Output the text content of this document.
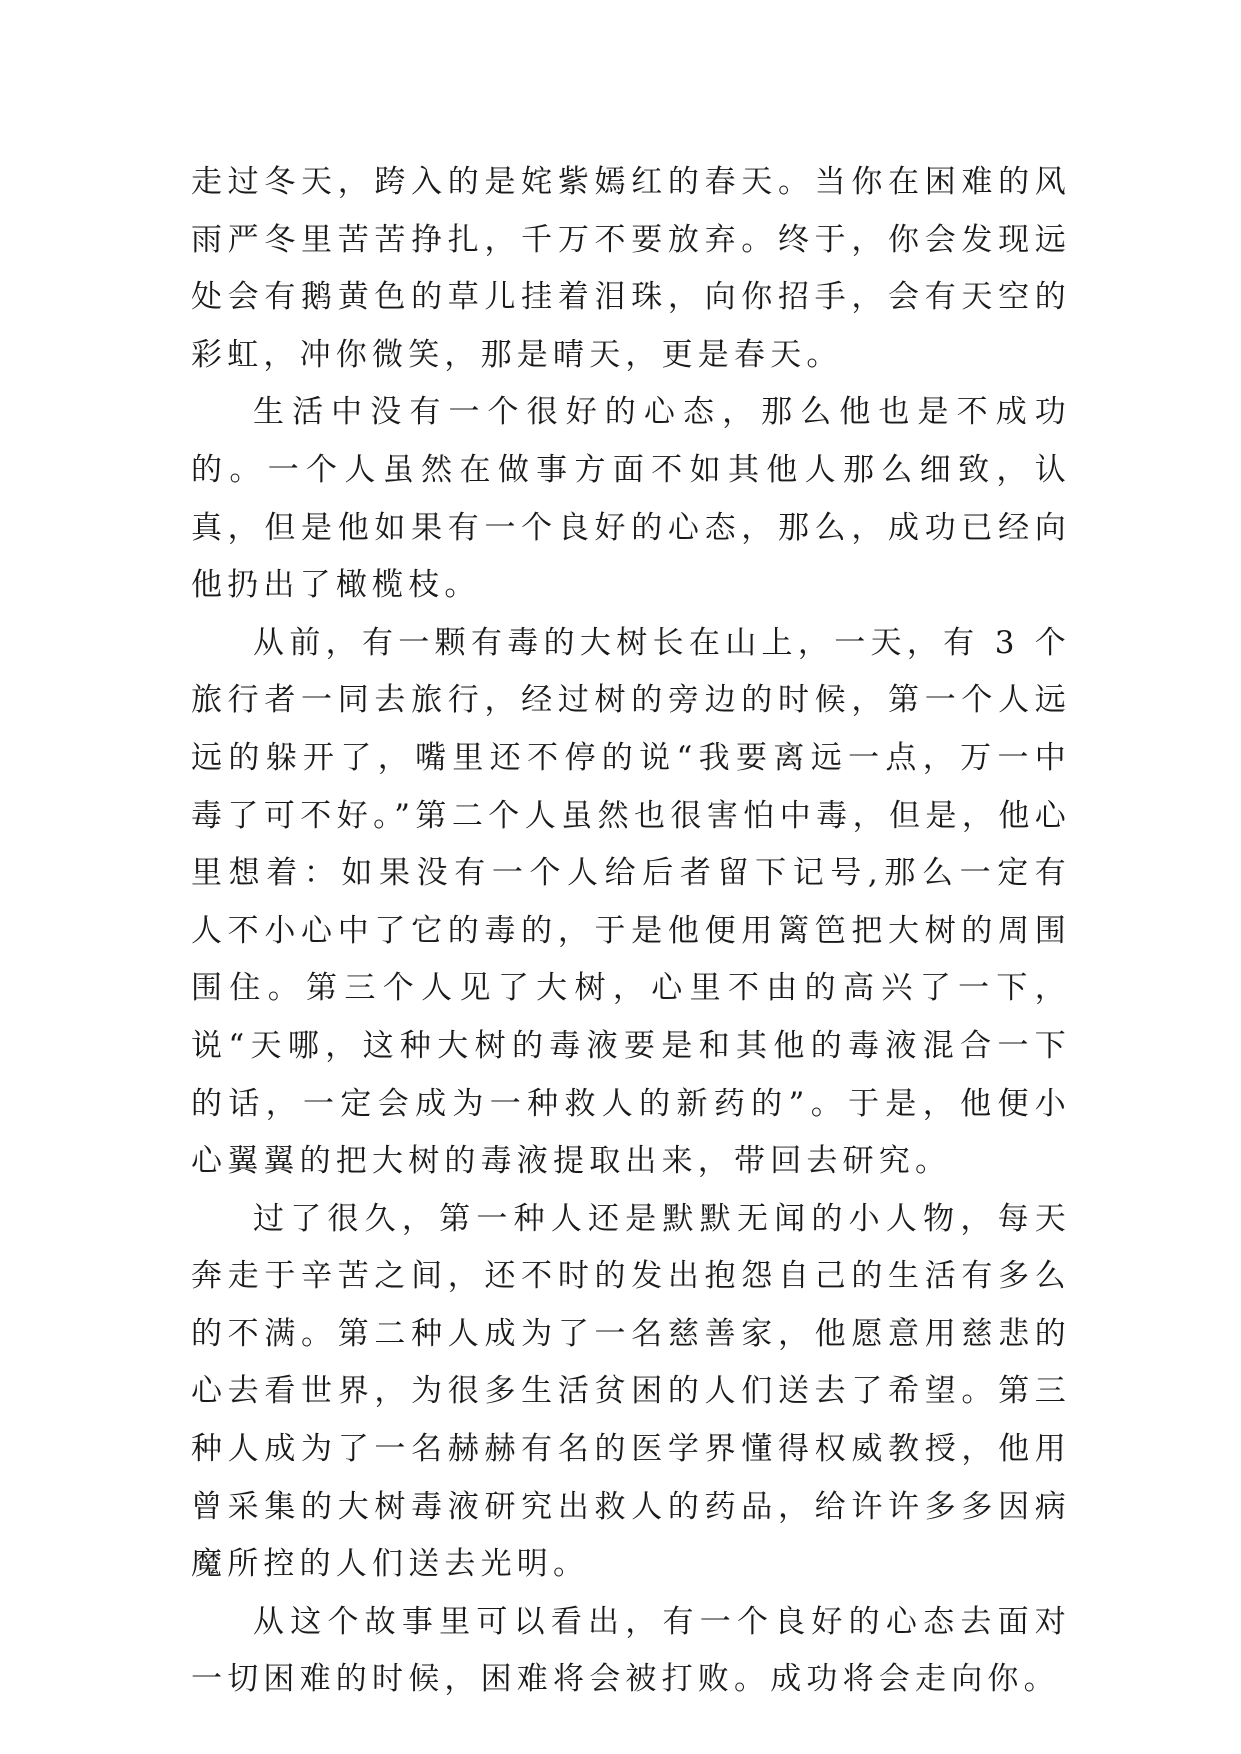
走过冬天，跨入的是姹紫嫣红的春天。当你在困难的风雨严冬里苦苦挣扎，千万不要放弃。终于，你会发现远处会有鹅黄色的草儿挂着泪珠，向你招手，会有天空的彩虹，冲你微笑，那是晴天，更是春天。

生活中没有一个很好的心态，那么他也是不成功的。一个人虽然在做事方面不如其他人那么细致，认真，但是他如果有一个良好的心态，那么，成功已经向他扔出了橄榄枝。

从前，有一颗有毒的大树长在山上，一天，有 3 个旅行者一同去旅行，经过树的旁边的时候，第一个人远远的躲开了，嘴里还不停的说“我要离远一点，万一中毒了可不好。”第二个人虽然也很害怕中毒，但是，他心里想着：如果没有一个人给后者留下记号,那么一定有人不小心中了它的毒的，于是他便用篱笆把大树的周围围住。第三个人见了大树，心里不由的高兴了一下，说“天哪，这种大树的毒液要是和其他的毒液混合一下的话，一定会成为一种救人的新药的”。于是，他便小心翼翼的把大树的毒液提取出来，带回去研究。

过了很久，第一种人还是默默无闻的小人物，每天奔走于辛苦之间，还不时的发出抱怨自己的生活有多么的不满。第二种人成为了一名慈善家，他愿意用慈悲的心去看世界，为很多生活贫困的人们送去了希望。第三种人成为了一名赫赫有名的医学界懂得权威教授，他用曾采集的大树毒液研究出救人的药品，给许许多多因病魔所控的人们送去光明。

从这个故事里可以看出，有一个良好的心态去面对一切困难的时候，困难将会被打败。成功将会走向你。
